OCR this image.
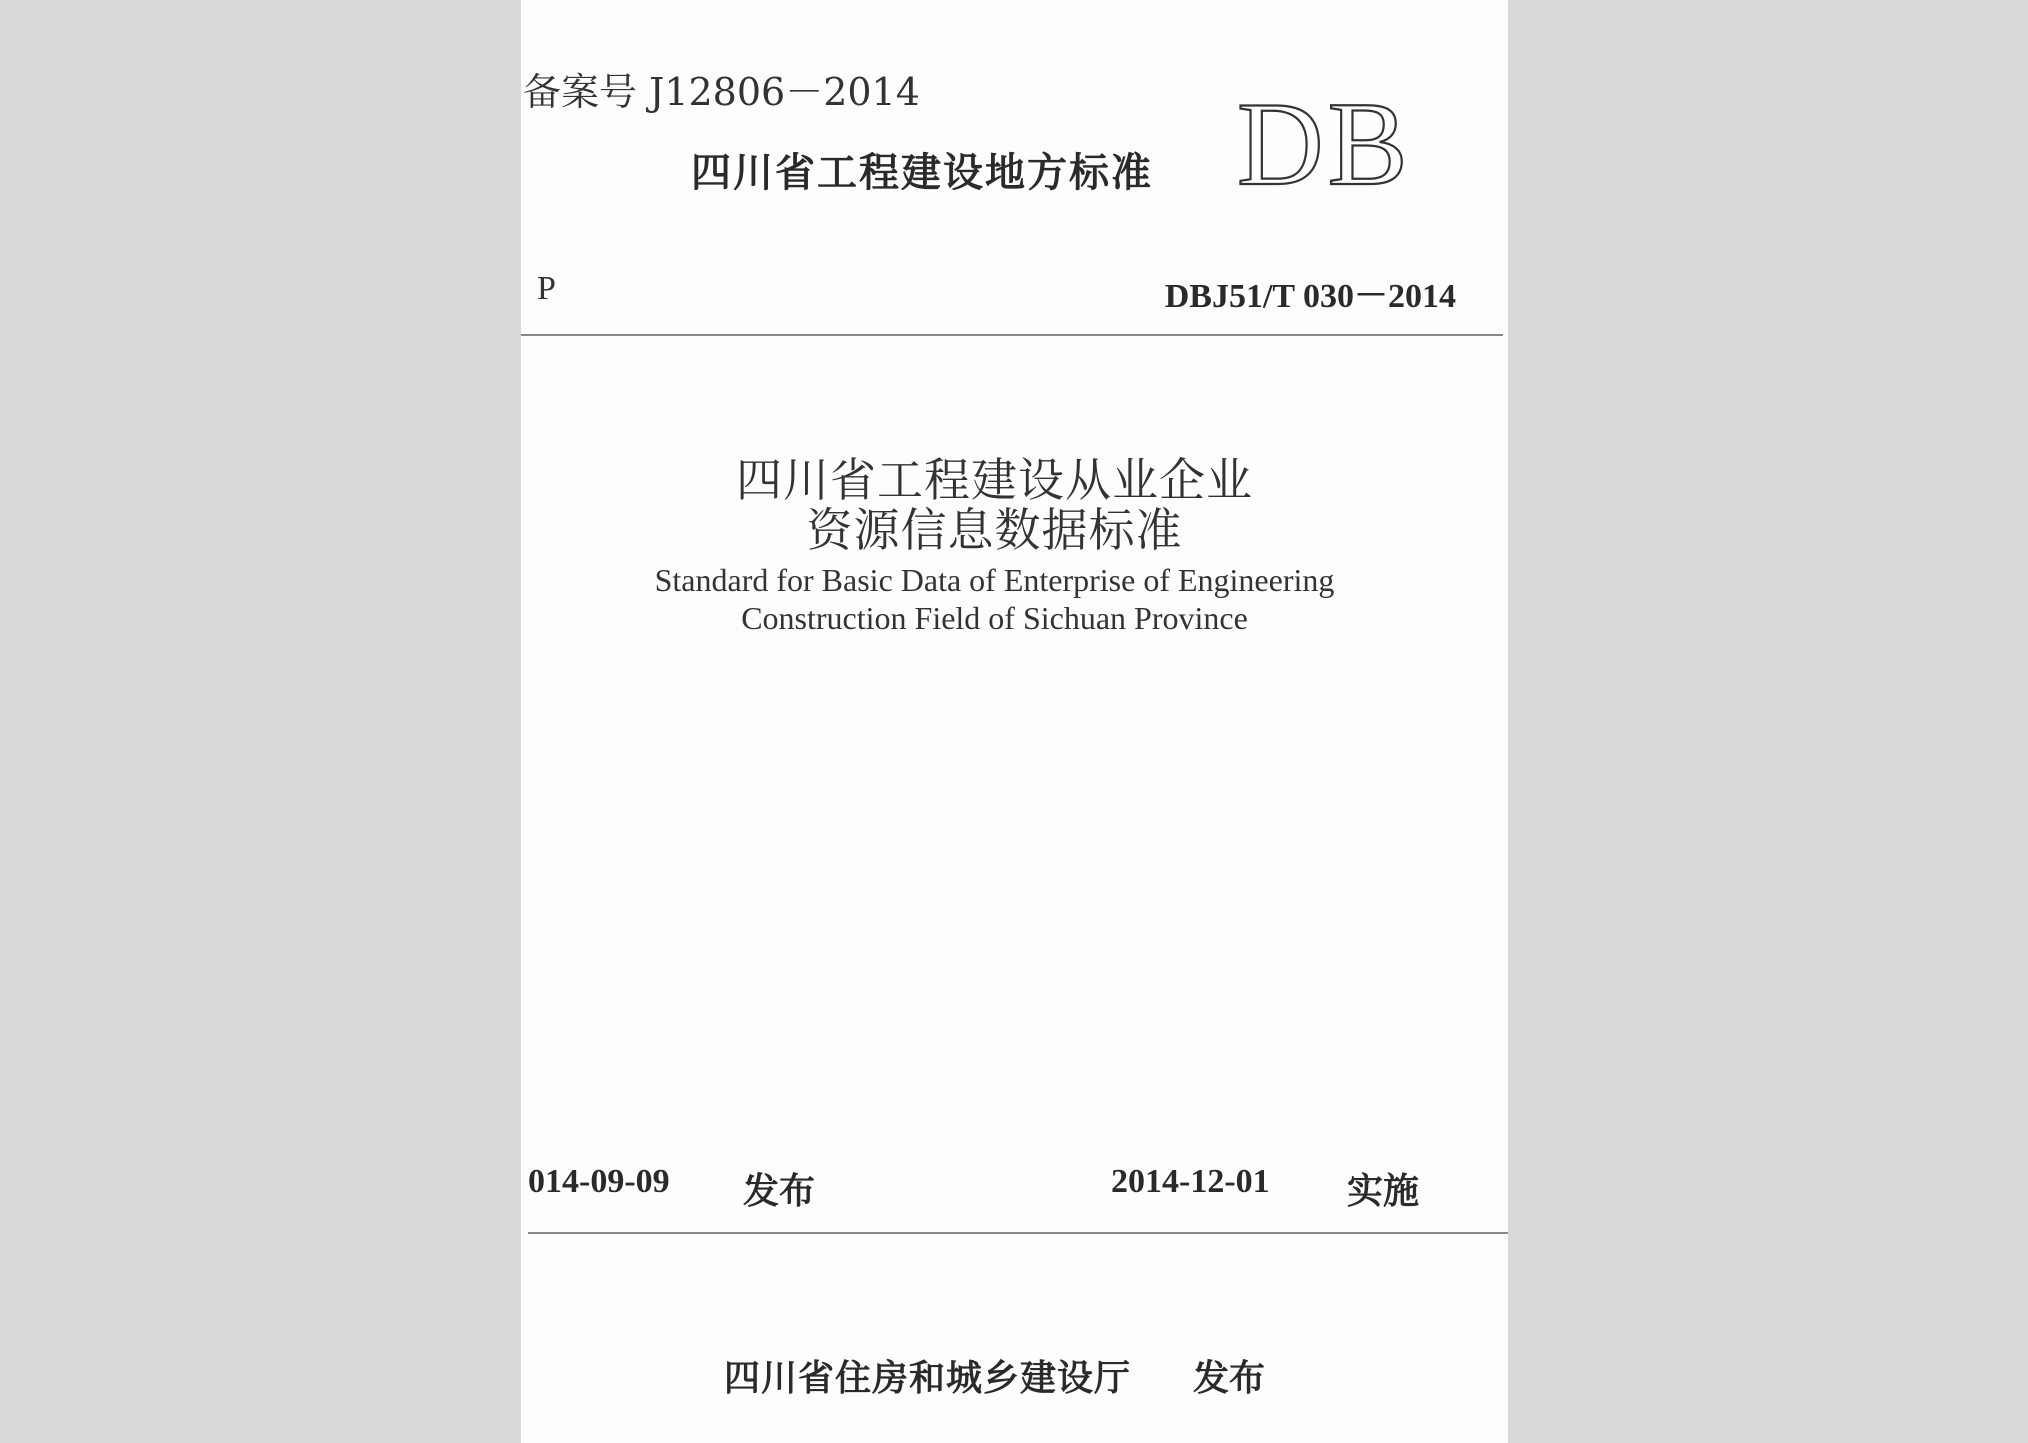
备案号 J12806－2014
四川省工程建设地方标准 DB
P	DBJ51/T 030－2014
四川省工程建设从业企业
资源信息数据标准
Standard for Basic Data of Enterprise of Engineering
Construction Field of Sichuan Province
014-09-09 发布	2014-12-01 实施
四川省住房和城乡建设厅 发布
